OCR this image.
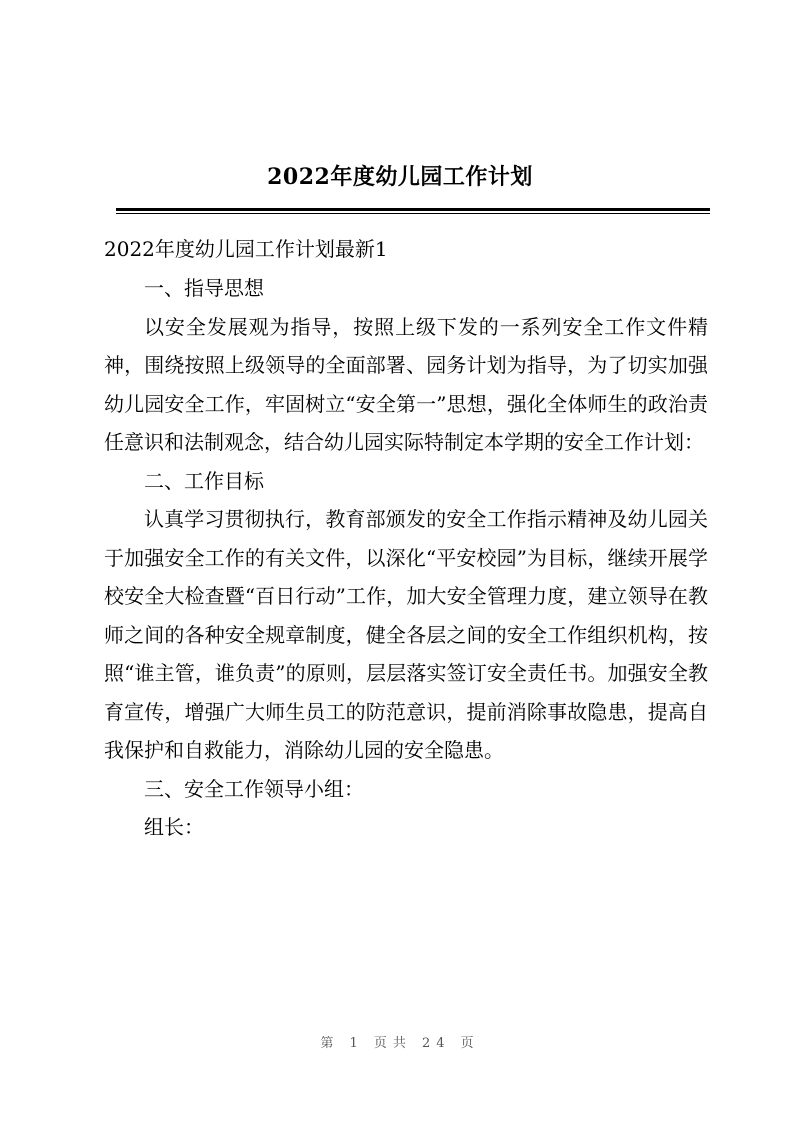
2022年度幼儿园工作计划

2022年度幼儿园工作计划最新1

一、指导思想

以安全发展观为指导，按照上级下发的一系列安全工作文件精神，围绕按照上级领导的全面部署、园务计划为指导，为了切实加强幼儿园安全工作，牢固树立“安全第一”思想，强化全体师生的政治责任意识和法制观念，结合幼儿园实际特制定本学期的安全工作计划：

二、工作目标

认真学习贯彻执行，教育部颁发的安全工作指示精神及幼儿园关于加强安全工作的有关文件，以深化“平安校园”为目标，继续开展学校安全大检查暨“百日行动”工作，加大安全管理力度，建立领导在教师之间的各种安全规章制度，健全各层之间的安全工作组织机构，按照“谁主管，谁负责”的原则，层层落实签订安全责任书。加强安全教育宣传，增强广大师生员工的防范意识，提前消除事故隐患，提高自我保护和自救能力，消除幼儿园的安全隐患。

三、安全工作领导小组：

组长：

第 1 页共 24 页
